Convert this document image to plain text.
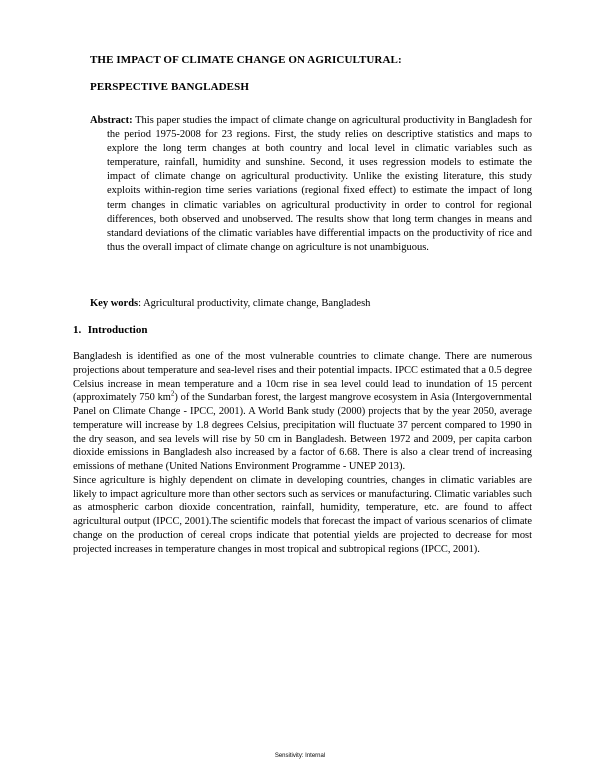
THE IMPACT OF CLIMATE CHANGE ON AGRICULTURAL:
PERSPECTIVE BANGLADESH

Abstract: This paper studies the impact of climate change on agricultural productivity in Bangladesh for the period 1975-2008 for 23 regions. First, the study relies on descriptive statistics and maps to explore the long term changes at both country and local level in climatic variables such as temperature, rainfall, humidity and sunshine. Second, it uses regression models to estimate the impact of climate change on agricultural productivity. Unlike the existing literature, this study exploits within-region time series variations (regional fixed effect) to estimate the impact of long term changes in climatic variables on agricultural productivity in order to control for regional differences, both observed and unobserved. The results show that long term changes in means and standard deviations of the climatic variables have differential impacts on the productivity of rice and thus the overall impact of climate change on agriculture is not unambiguous.

Key words: Agricultural productivity, climate change, Bangladesh
1. Introduction

Bangladesh is identified as one of the most vulnerable countries to climate change. There are numerous projections about temperature and sea-level rises and their potential impacts. IPCC estimated that a 0.5 degree Celsius increase in mean temperature and a 10cm rise in sea level could lead to inundation of 15 percent (approximately 750 $km^2$) of the Sundarban forest, the largest mangrove ecosystem in Asia (Intergovernmental Panel on Climate Change - IPCC, 2001). A World Bank study (2000) projects that by the year 2050, average temperature will increase by 1.8 degrees Celsius, precipitation will fluctuate 37 percent compared to 1990 in the dry season, and sea levels will rise by 50 cm in Bangladesh. Between 1972 and 2009, per capita carbon dioxide emissions in Bangladesh also increased by a factor of 6.68. There is also a clear trend of increasing emissions of methane (United Nations Environment Programme - UNEP 2013).

Since agriculture is highly dependent on climate in developing countries, changes in climatic variables are likely to impact agriculture more than other sectors such as services or manufacturing. Climatic variables such as atmospheric carbon dioxide concentration, rainfall, humidity, temperature, etc. are found to affect agricultural output (IPCC, 2001).The scientific models that forecast the impact of various scenarios of climate change on the production of cereal crops indicate that potential yields are projected to decrease for most projected increases in temperature changes in most tropical and subtropical regions (IPCC, 2001).

Sensitivity: Internal
